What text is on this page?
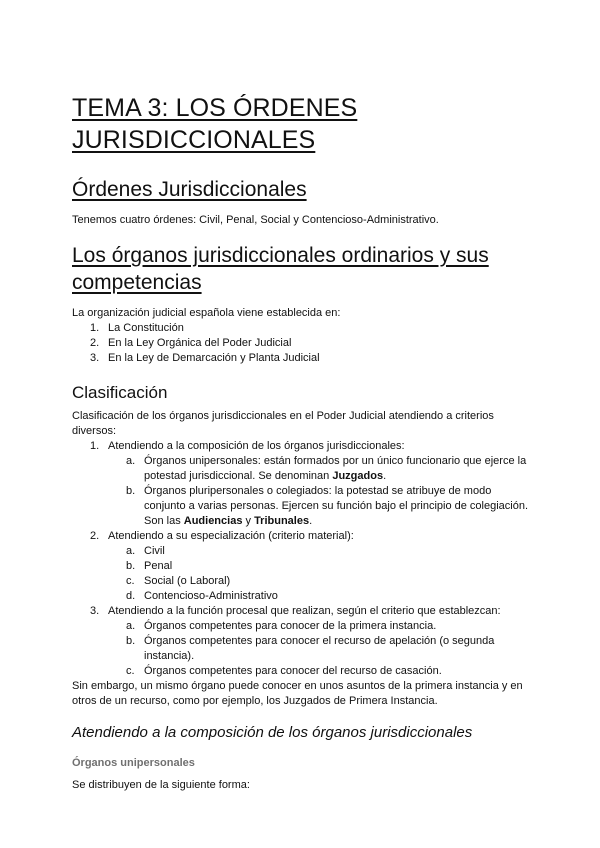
TEMA 3: LOS ÓRDENES JURISDICCIONALES
Órdenes Jurisdiccionales

Tenemos cuatro órdenes: Civil, Penal, Social y Contencioso-Administrativo.

Los órganos jurisdiccionales ordinarios y sus competencias

La organización judicial española viene establecida en:

1. La Constitución
2. En la Ley Orgánica del Poder Judicial
3. En la Ley de Demarcación y Planta Judicial
Clasificación

Clasificación de los órganos jurisdiccionales en el Poder Judicial atendiendo a criterios diversos:

1. Atendiendo a la composición de los órganos jurisdiccionales:
a. Órganos unipersonales: están formados por un único funcionario que ejerce la potestad jurisdiccional. Se denominan Juzgados.
b. Órganos pluripersonales o colegiados: la potestad se atribuye de modo conjunto a varias personas. Ejercen su función bajo el principio de colegiación. Son las Audiencias y Tribunales.
2. Atendiendo a su especialización (criterio material):
a. Civil
b. Penal
c. Social (o Laboral)
d. Contencioso-Administrativo
3. Atendiendo a la función procesal que realizan, según el criterio que establezcan:
a. Órganos competentes para conocer de la primera instancia.
b. Órganos competentes para conocer el recurso de apelación (o segunda instancia).
c. Órganos competentes para conocer del recurso de casación.

Sin embargo, un mismo órgano puede conocer en unos asuntos de la primera instancia y en otros de un recurso, como por ejemplo, los Juzgados de Primera Instancia.

Atendiendo a la composición de los órganos jurisdiccionales
Órganos unipersonales

Se distribuyen de la siguiente forma:
